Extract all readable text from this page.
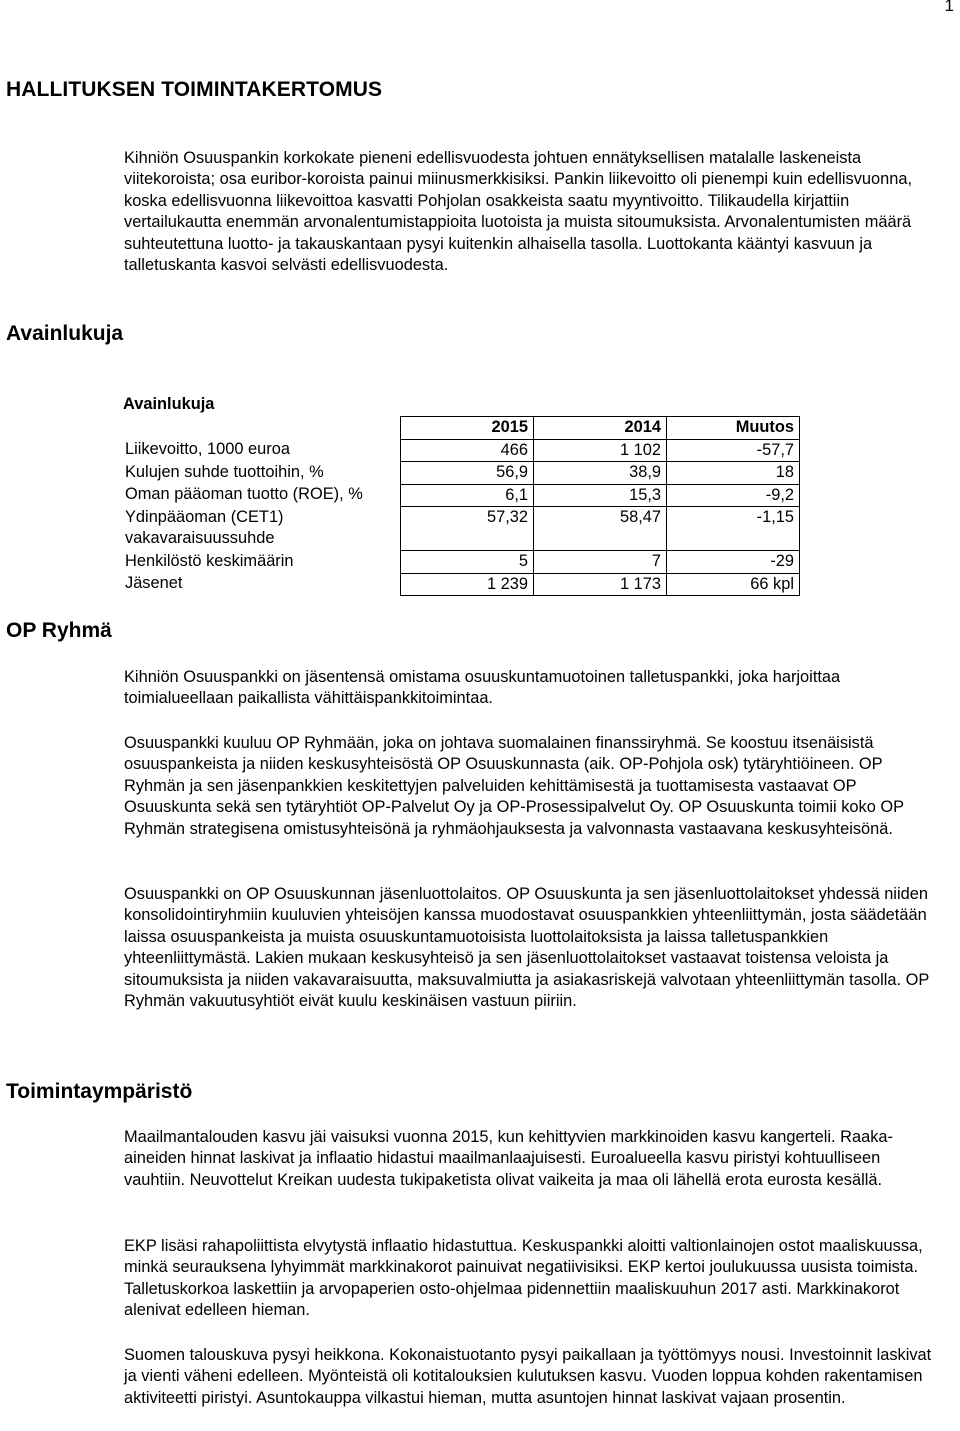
1
HALLITUKSEN TOIMINTAKERTOMUS
Avainlukuja

Kihniön Osuuspankin korkokate pieneni edellisvuodesta johtuen ennätyksellisen matalalle laskeneista viitekoroista; osa euribor-koroista painui miinusmerkkisiksi. Pankin liikevoitto oli pienempi kuin edellisvuonna, koska edellisvuonna liikevoittoa kasvatti Pohjolan osakkeista saatu myyntivoitto. Tilikaudella kirjattiin vertailukautta enemmän arvonalentumistappioita luotoista ja muista sitoumuksista. Arvonalentumisten määrä suhteutettuna luotto- ja takauskantaan pysyi kuitenkin alhaisella tasolla. Luottokanta kääntyi kasvuun ja talletuskanta kasvoi selvästi edellisvuodesta.

Avainlukuja
	2015	2014	Muutos
Liikevoitto, 1000 euroa	466	1 102	-57,7
Kulujen suhde tuottoihin, %	56,9	38,9	18
Oman pääoman tuotto (ROE), %	6,1	15,3	-9,2
Ydinpääoman (CET1) vakavaraisuussuhde	57,32	58,47	-1,15
Henkilöstö keskimäärin	5	7	-29
Jäsenet	1 239	1 173	66 kpl
OP Ryhmä

Kihniön Osuuspankki on jäsentensä omistama osuuskuntamuotoinen talletuspankki, joka harjoittaa toimialueellaan paikallista vähittäispankkitoimintaa.

Osuuspankki kuuluu OP Ryhmään, joka on johtava suomalainen finanssiryhmä. Se koostuu itsenäisistä osuuspankeista ja niiden keskusyhteisöstä OP Osuuskunnasta (aik. OP-Pohjola osk) tytäryhtiöineen. OP Ryhmän ja sen jäsenpankkien keskitettyjen palveluiden kehittämisestä ja tuottamisesta vastaavat OP Osuuskunta sekä sen tytäryhtiöt OP-Palvelut Oy ja OP-Prosessipalvelut Oy. OP Osuuskunta toimii koko OP Ryhmän strategisena omistusyhteisönä ja ryhmäohjauksesta ja valvonnasta vastaavana keskusyhteisönä.

Osuuspankki on OP Osuuskunnan jäsenluottolaitos. OP Osuuskunta ja sen jäsenluottolaitokset yhdessä niiden konsolidointiryhmiin kuuluvien yhteisöjen kanssa muodostavat osuuspankkien yhteenliittymän, josta säädetään laissa osuuspankeista ja muista osuuskuntamuotoisista luottolaitoksista ja laissa talletuspankkien yhteenliittymästä. Lakien mukaan keskusyhteisö ja sen jäsenluottolaitokset vastaavat toistensa veloista ja sitoumuksista ja niiden vakavaraisuutta, maksuvalmiutta ja asiakasriskejä valvotaan yhteenliittymän tasolla. OP Ryhmän vakuutusyhtiöt eivät kuulu keskinäisen vastuun piiriin.

Toimintaympäristö

Maailmantalouden kasvu jäi vaisuksi vuonna 2015, kun kehittyvien markkinoiden kasvu kangerteli. Raaka-aineiden hinnat laskivat ja inflaatio hidastui maailmanlaajuisesti. Euroalueella kasvu piristyi kohtuulliseen vauhtiin. Neuvottelut Kreikan uudesta tukipaketista olivat vaikeita ja maa oli lähellä erota eurosta kesällä.

EKP lisäsi rahapoliittista elvytystä inflaatio hidastuttua. Keskuspankki aloitti valtionlainojen ostot maaliskuussa, minkä seurauksena lyhyimmät markkinakorot painuivat negatiivisiksi. EKP kertoi joulukuussa uusista toimista. Talletuskorkoa laskettiin ja arvopaperien osto-ohjelmaa pidennettiin maaliskuuhun 2017 asti. Markkinakorot alenivat edelleen hieman.

Suomen talouskuva pysyi heikkona. Kokonaistuotanto pysyi paikallaan ja työttömyys nousi. Investoinnit laskivat ja vienti väheni edelleen. Myönteistä oli kotitalouksien kulutuksen kasvu. Vuoden loppua kohden rakentamisen aktiviteetti piristyi. Asuntokauppa vilkastui hieman, mutta asuntojen hinnat laskivat vajaan prosentin.
